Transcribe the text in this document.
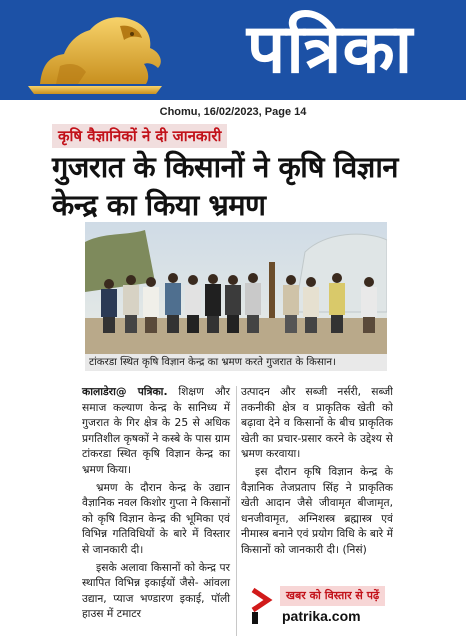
पत्रिका
Chomu, 16/02/2023, Page 14
कृषि वैज्ञानिकों ने दी जानकारी
गुजरात के किसानों ने कृषि विज्ञान केन्द्र का किया भ्रमण
टांकरडा स्थित कृषि विज्ञान केन्द्र का भ्रमण करते गुजरात के किसान।

कालाडेरा@ पत्रिका. शिक्षण और समाज कल्याण केन्द्र के सानिध्य में गुजरात के गिर क्षेत्र के 25 से अधिक प्रगतिशील कृषकों ने कस्बे के पास ग्राम टांकरडा स्थित कृषि विज्ञान केन्द्र का भ्रमण किया।

भ्रमण के दौरान केन्द्र के उद्यान वैज्ञानिक नवल किशोर गुप्ता ने किसानों को कृषि विज्ञान केन्द्र की भूमिका एवं विभिन्न गतिविधियों के बारे में विस्तार से जानकारी दी।

इसके अलावा किसानों को केन्द्र पर स्थापित विभिन्न इकाईयों जैसे- आंवला उद्यान, प्याज भण्डारण इकाई, पॉली हाउस में टमाटर

उत्पादन और सब्जी नर्सरी, सब्जी तकनीकी क्षेत्र व प्राकृतिक खेती को बढ़ावा देने व किसानों के बीच प्राकृतिक खेती का प्रचार-प्रसार करने के उद्देश्य से भ्रमण करवाया।

इस दौरान कृषि विज्ञान केन्द्र के वैज्ञानिक तेजप्रताप सिंह ने प्राकृतिक खेती आदान जैसे जीवामृत बीजामृत, धनजीवामृत, अग्निशस्त्र ब्रह्मास्त्र एवं नीमास्त्र बनाने एवं प्रयोग विधि के बारे में किसानों को जानकारी दी। (निसं)

खबर को विस्तार से पढ़ें
patrika.com
